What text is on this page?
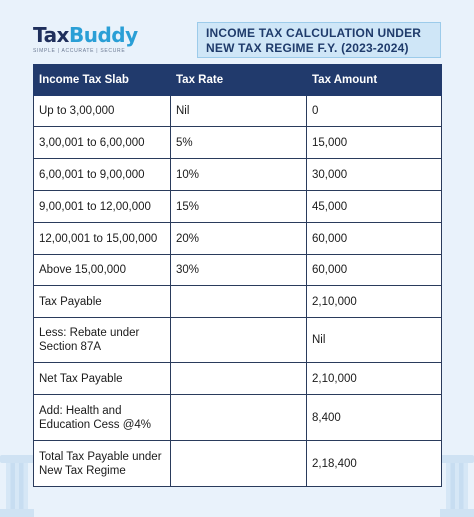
TaxBuddy
SIMPLE | ACCURATE | SECURE
INCOME TAX CALCULATION UNDER
NEW TAX REGIME F.Y. (2023-2024)
Income Tax Slab	Tax Rate	Tax Amount
Up to 3,00,000	Nil	0
3,00,001 to 6,00,000	5%	15,000
6,00,001 to 9,00,000	10%	30,000
9,00,001 to 12,00,000	15%	45,000
12,00,001 to 15,00,000	20%	60,000
Above 15,00,000	30%	60,000
Tax Payable		2,10,000
Less: Rebate under Section 87A		Nil
Net Tax Payable		2,10,000
Add: Health and Education Cess @4%		8,400
Total Tax Payable under New Tax Regime		2,18,400
